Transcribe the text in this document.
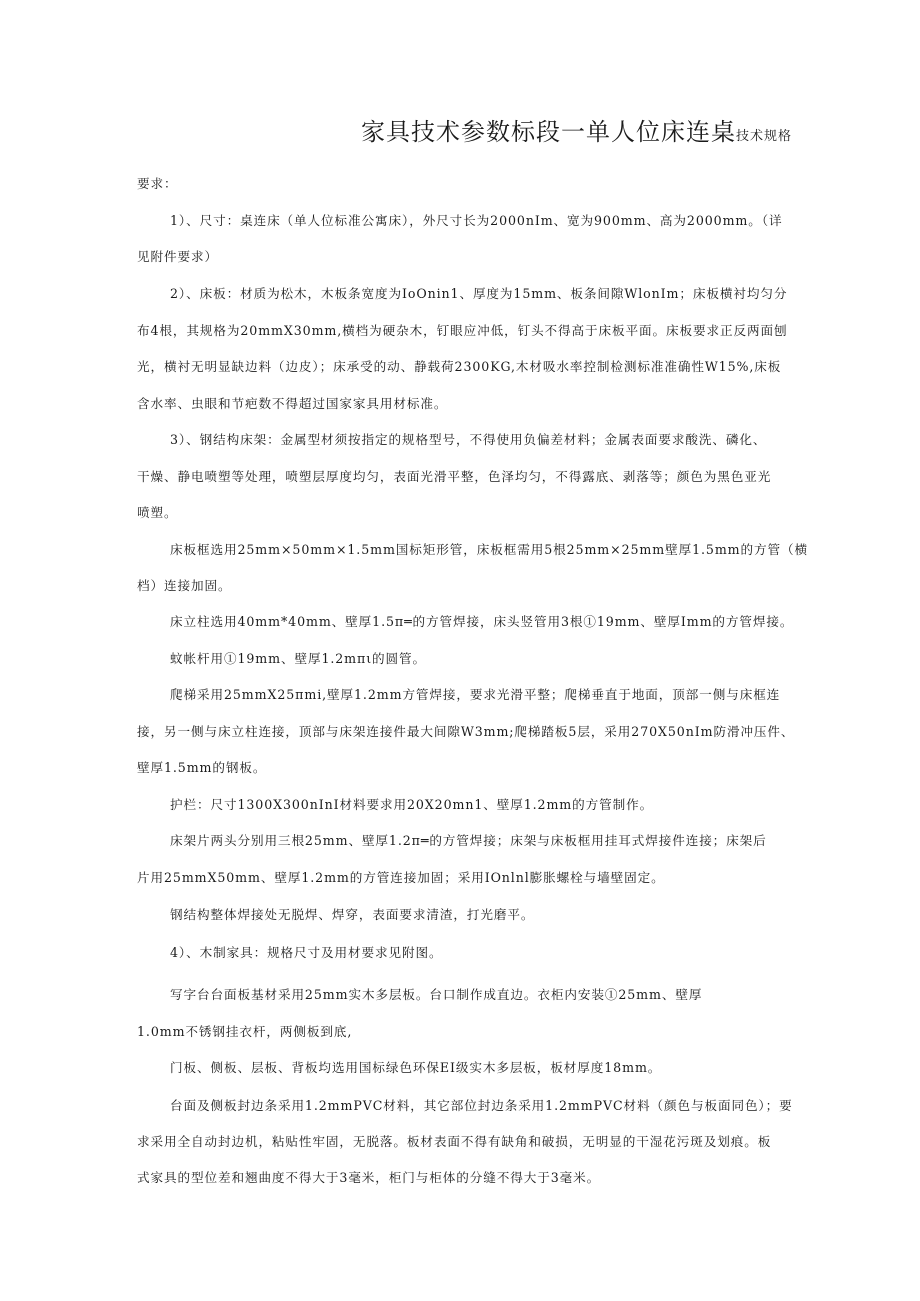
家具技术参数标段一单人位床连桌技术规格
要求：
1）、尺寸：桌连床（单人位标准公寓床），外尺寸长为2000nIm、宽为900mm、高为2000mm。（详
见附件要求）
2）、床板：材质为松木，木板条宽度为IoOnin1、厚度为15mm、板条间隙WlonIm；床板横衬均匀分
布4根，其规格为20mmX30mm,横档为硬杂木，钉眼应冲低，钉头不得高于床板平面。床板要求正反两面刨
光，横衬无明显缺边料（边皮）；床承受的动、静载荷2300KG,木材吸水率控制检测标准准确性W15%,床板
含水率、虫眼和节疤数不得超过国家家具用材标准。
3）、钢结构床架：金属型材须按指定的规格型号，不得使用负偏差材料；金属表面要求酸洗、磷化、
干燥、静电喷塑等处理，喷塑层厚度均匀，表面光滑平整，色泽均匀，不得露底、剥落等；颜色为黑色亚光
喷塑。
床板框选用25mm×50mm×1.5mm国标矩形管，床板框需用5根25mm×25mm壁厚1.5mm的方管（横
档）连接加固。
床立柱选用40mm*40mm、壁厚1.5π═的方管焊接，床头竖管用3根①19mm、壁厚Imm的方管焊接。
蚊帐杆用①19mm、壁厚1.2mπι的圆管。
爬梯采用25mmX25πmi,壁厚1.2mm方管焊接，要求光滑平整；爬梯垂直于地面，顶部一侧与床框连
接，另一侧与床立柱连接，顶部与床架连接件最大间隙W3mm;爬梯踏板5层，采用270X50nIm防滑冲压件、
壁厚1.5mm的钢板。
护栏：尺寸1300X300nInI材料要求用20X20mn1、壁厚1.2mm的方管制作。
床架片两头分别用三根25mm、壁厚1.2π═的方管焊接；床架与床板框用挂耳式焊接件连接；床架后
片用25mmX50mm、壁厚1.2mm的方管连接加固；采用IOnlnl膨胀螺栓与墙壁固定。
钢结构整体焊接处无脱焊、焊穿，表面要求清渣，打光磨平。
4）、木制家具：规格尺寸及用材要求见附图。
写字台台面板基材采用25mm实木多层板。台口制作成直边。衣柜内安装①25mm、壁厚
1.0mm不锈钢挂衣杆，两侧板到底,
门板、侧板、层板、背板均选用国标绿色环保EI级实木多层板，板材厚度18mm。
台面及侧板封边条采用1.2mmPVC材料，其它部位封边条采用1.2mmPVC材料（颜色与板面同色）；要
求采用全自动封边机，粘贴性牢固，无脱落。板材表面不得有缺角和破损，无明显的干湿花污斑及划痕。板
式家具的型位差和翘曲度不得大于3毫米，柜门与柜体的分缝不得大于3毫米。
